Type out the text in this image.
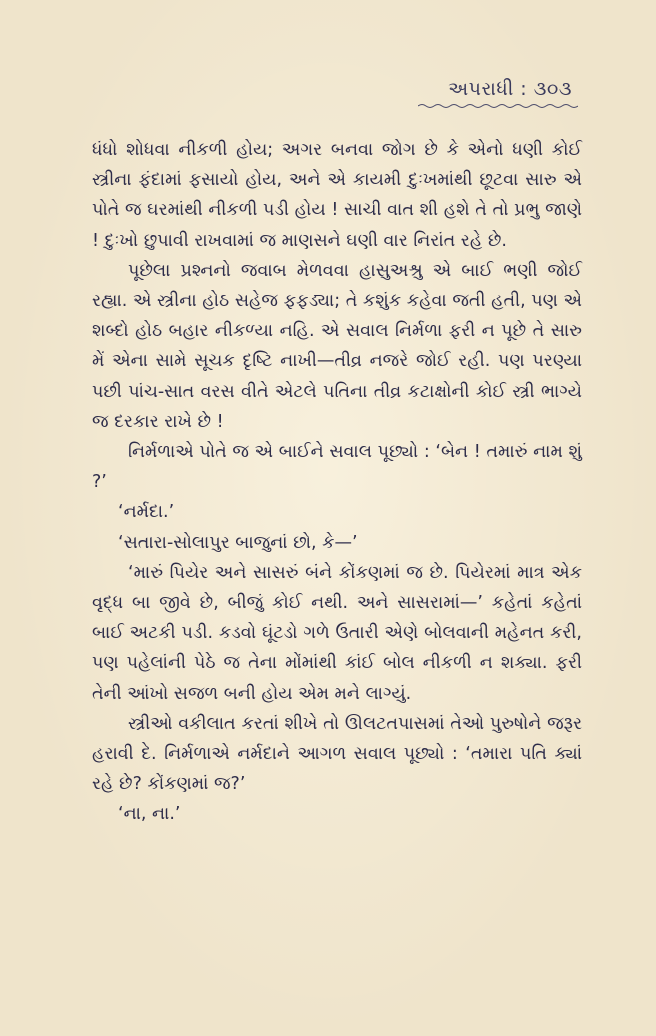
અપરાધી : ૩૦૩

ધંધો શોધવા નીકળી હોય; અગર બનવા જોગ છે કે એનો ધણી કોઈ સ્ત્રીના ફંદામાં ફસાયો હોય, અને એ કાયમી દુઃખમાંથી છૂટવા સારુ એ પોતે જ ઘરમાંથી નીકળી પડી હોય ! સાચી વાત શી હશે તે તો પ્રભુ જાણે ! દુઃખો છુપાવી રાખવામાં જ માણસને ઘણી વાર નિરાંત રહે છે.

પૂછેલા પ્રશ્નનો જવાબ મેળવવા હાસુઅશ્રુ એ બાઈ ભણી જોઈ રહ્યા. એ સ્ત્રીના હોઠ સહેજ ફફડ્યા; તે કશુંક કહેવા જતી હતી, પણ એ શબ્દો હોઠ બહાર નીકળ્યા નહિ. એ સવાલ નિર્મળા ફરી ન પૂછે તે સારુ મેં એના સામે સૂચક દૃષ્ટિ નાખી—તીવ્ર નજરે જોઈ રહી. પણ પરણ્યા પછી પાંચ-સાત વરસ વીતે એટલે પતિના તીવ્ર કટાક્ષોની કોઈ સ્ત્રી ભાગ્યે જ દરકાર રાખે છે !

નિર્મળાએ પોતે જ એ બાઈને સવાલ પૂછ્યો : ‘બેન ! તમારું નામ શું ?’

‘નર્મદા.’

‘સતારા-સોલાપુર બાજુનાં છો, કે—’

‘મારું પિયેર અને સાસરું બંને કોંકણમાં જ છે. પિયેરમાં માત્ર એક વૃદ્ધ બા જીવે છે, બીજું કોઈ નથી. અને સાસરામાં—’ કહેતાં કહેતાં બાઈ અટકી પડી. કડવો ઘૂંટડો ગળે ઉતારી એણે બોલવાની મહેનત કરી, પણ પહેલાંની પેઠે જ તેના મોંમાંથી કાંઈ બોલ નીકળી ન શક્યા. ફરી તેની આંખો સજળ બની હોય એમ મને લાગ્યું.

સ્ત્રીઓ વકીલાત કરતાં શીખે તો ઊલટતપાસમાં તેઓ પુરુષોને જરૂર હરાવી દે. નિર્મળાએ નર્મદાને આગળ સવાલ પૂછ્યો : ‘તમારા પતિ ક્યાં રહે છે? કોંકણમાં જ?’

‘ના, ના.’
